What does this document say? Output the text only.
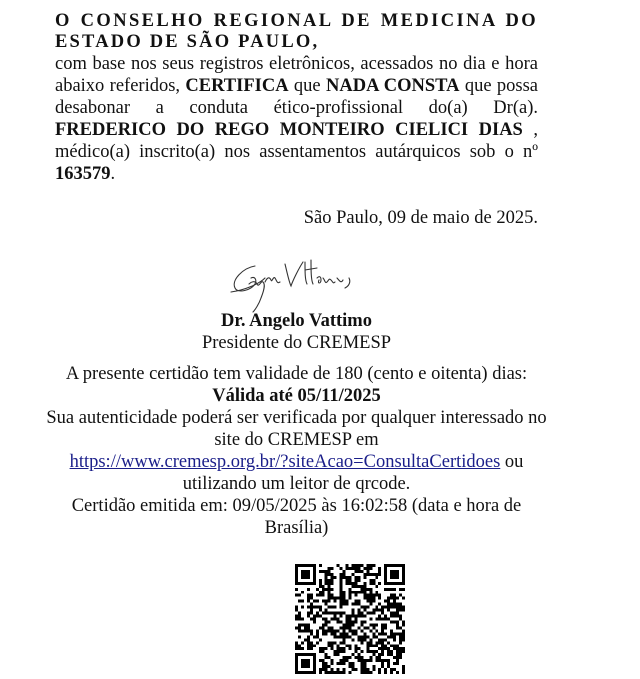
O CONSELHO REGIONAL DE MEDICINA DO
ESTADO DE SÃO PAULO,

com base nos seus registros eletrônicos, acessados no dia e hora abaixo referidos, CERTIFICA que NADA CONSTA que possa desabonar a conduta ético-profissional do(a) Dr(a). FREDERICO DO REGO MONTEIRO CIELICI DIAS , médico(a) inscrito(a) nos assentamentos autárquicos sob o nº 163579.

São Paulo, 09 de maio de 2025.
Dr. Angelo Vattimo
Presidente do CREMESP
A presente certidão tem validade de 180 (cento e oitenta) dias:
Válida até 05/11/2025
Sua autenticidade poderá ser verificada por qualquer interessado no site do CREMESP em
https://www.cremesp.org.br/?siteAcao=ConsultaCertidoes ou utilizando um leitor de qrcode.
Certidão emitida em: 09/05/2025 às 16:02:58 (data e hora de Brasília)
